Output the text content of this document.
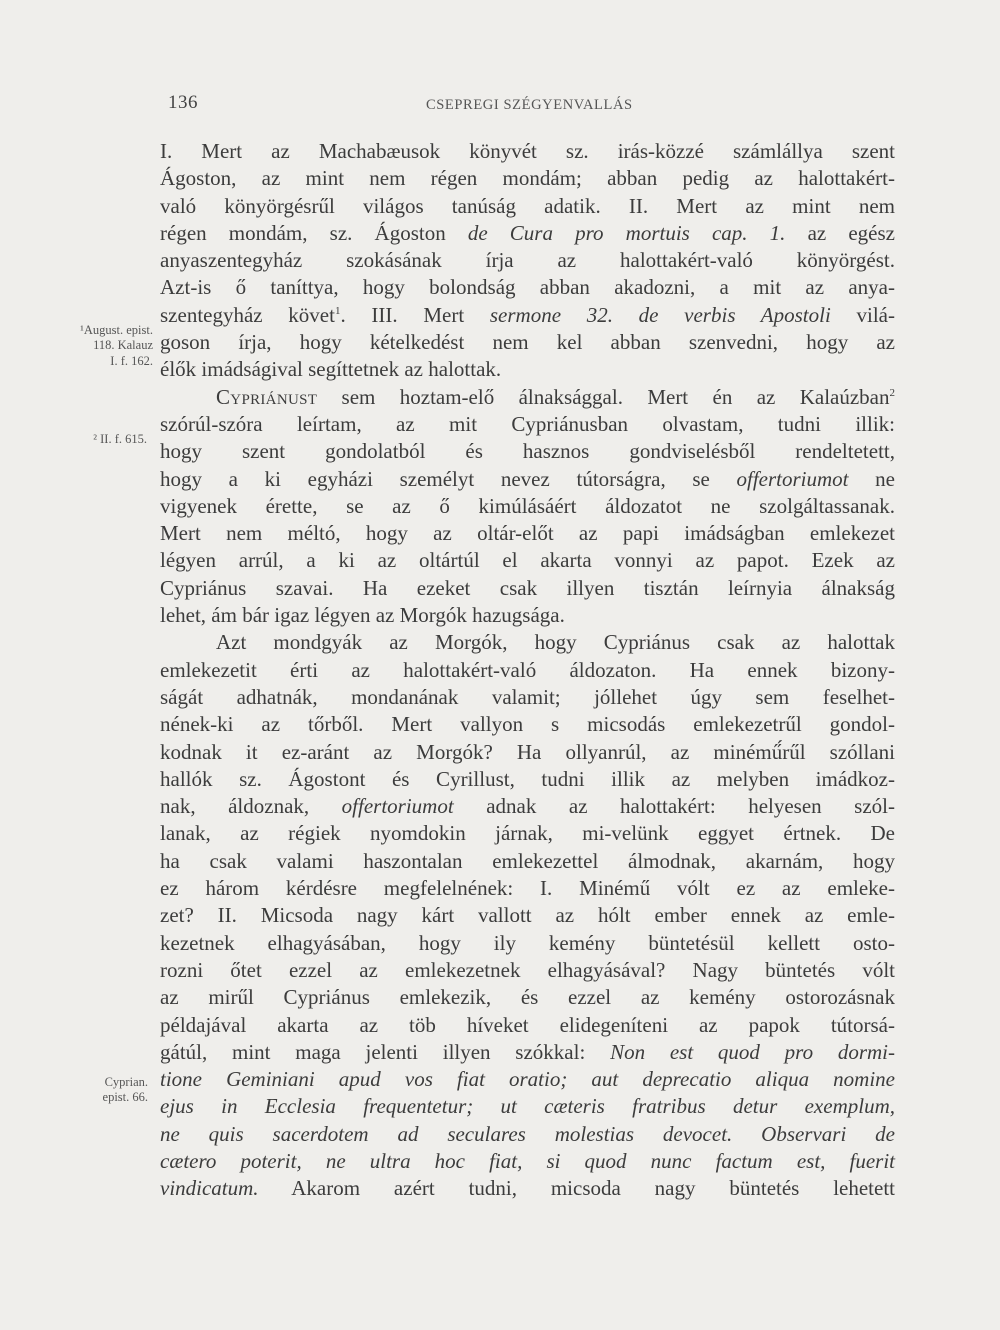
136	CSEPREGI SZÉGYENVALLÁS
¹August. epist.
118. Kalauz
I. f. 162.
² II. f. 615.
Cyprian.
epist. 66.
I. Mert az Machabæusok könyvét sz. irás-közzé számlállya szent
Ágoston, az mint nem régen mondám; abban pedig az halottakért-
való könyörgésrűl világos tanúság adatik. II. Mert az mint nem
régen mondám, sz. Ágoston de Cura pro mortuis cap. 1. az egész
anyaszentegyház szokásának írja az halottakért-való könyörgést.
Azt-is ő taníttya, hogy bolondság abban akadozni, a mit az anya-
szentegyház követ$^1$. III. Mert sermone 32. de verbis Apostoli vilá-
goson írja, hogy kételkedést nem kel abban szenvedni, hogy az
élők imádságival segíttetnek az halottak.
Cypriánust sem hoztam-elő álnaksággal. Mert én az Kalaúzban$^2$
szórúl-szóra leírtam, az mit Cypriánusban olvastam, tudni illik:
hogy szent gondolatból és hasznos gondviselésből rendeltetett,
hogy a ki egyházi személyt nevez tútorságra, se offertoriumot ne
vigyenek érette, se az ő kimúlásáért áldozatot ne szolgáltassanak.
Mert nem méltó, hogy az oltár-előt az papi imádságban emlekezet
légyen arrúl, a ki az oltártúl el akarta vonnyi az papot. Ezek az
Cypriánus szavai. Ha ezeket csak illyen tisztán leírnyia álnakság
lehet, ám bár igaz légyen az Morgók hazugsága.
Azt mondgyák az Morgók, hogy Cypriánus csak az halottak
emlekezetit érti az halottakért-való áldozaton. Ha ennek bizony-
ságát adhatnák, mondanának valamit; jóllehet úgy sem feselhet-
nének-ki az tőrből. Mert vallyon s micsodás emlekezetrűl gondol-
kodnak it ez-aránt az Morgók? Ha ollyanrúl, az minémű́rűl szóllani
hallók sz. Ágostont és Cyrillust, tudni illik az melyben imádkoz-
nak, áldoznak, offertoriumot adnak az halottakért: helyesen szól-
lanak, az régiek nyomdokin járnak, mi-velünk eggyet értnek. De
ha csak valami haszontalan emlekezettel álmodnak, akarnám, hogy
ez három kérdésre megfelelnének: I. Minémű vólt ez az emleke-
zet? II. Micsoda nagy kárt vallott az hólt ember ennek az emle-
kezetnek elhagyásában, hogy ily kemény büntetésül kellett osto-
rozni őtet ezzel az emlekezetnek elhagyásával? Nagy büntetés vólt
az mirűl Cypriánus emlekezik, és ezzel az kemény ostorozásnak
példajával akarta az töb híveket elidegeníteni az papok tútorsá-
gátúl, mint maga jelenti illyen szókkal: Non est quod pro dormi-
tione Geminiani apud vos fiat oratio; aut deprecatio aliqua nomine
ejus in Ecclesia frequentetur; ut cæteris fratribus detur exemplum,
ne quis sacerdotem ad seculares molestias devocet. Observari de
cætero poterit, ne ultra hoc fiat, si quod nunc factum est, fuerit
vindicatum. Akarom azért tudni, micsoda nagy büntetés lehetett
